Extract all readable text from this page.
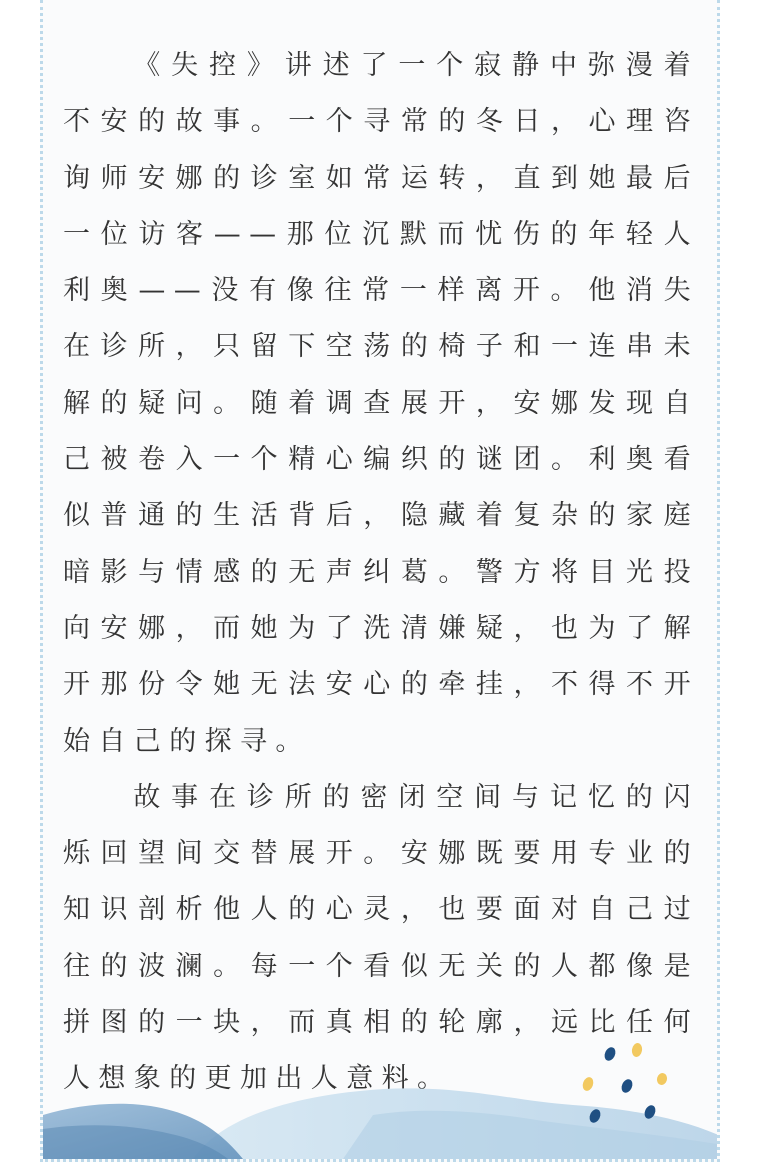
《失控》讲述了一个寂静中弥漫着不安的故事。一个寻常的冬日，心理咨询师安娜的诊室如常运转，直到她最后一位访客——那位沉默而忧伤的年轻人利奥——没有像往常一样离开。他消失在诊所，只留下空荡的椅子和一连串未解的疑问。随着调查展开，安娜发现自己被卷入一个精心编织的谜团。利奥看似普通的生活背后，隐藏着复杂的家庭暗影与情感的无声纠葛。警方将目光投向安娜，而她为了洗清嫌疑，也为了解开那份令她无法安心的牵挂，不得不开始自己的探寻。

故事在诊所的密闭空间与记忆的闪烁回望间交替展开。安娜既要用专业的知识剖析他人的心灵，也要面对自己过往的波澜。每一个看似无关的人都像是拼图的一块，而真相的轮廓，远比任何人想象的更加出人意料。
